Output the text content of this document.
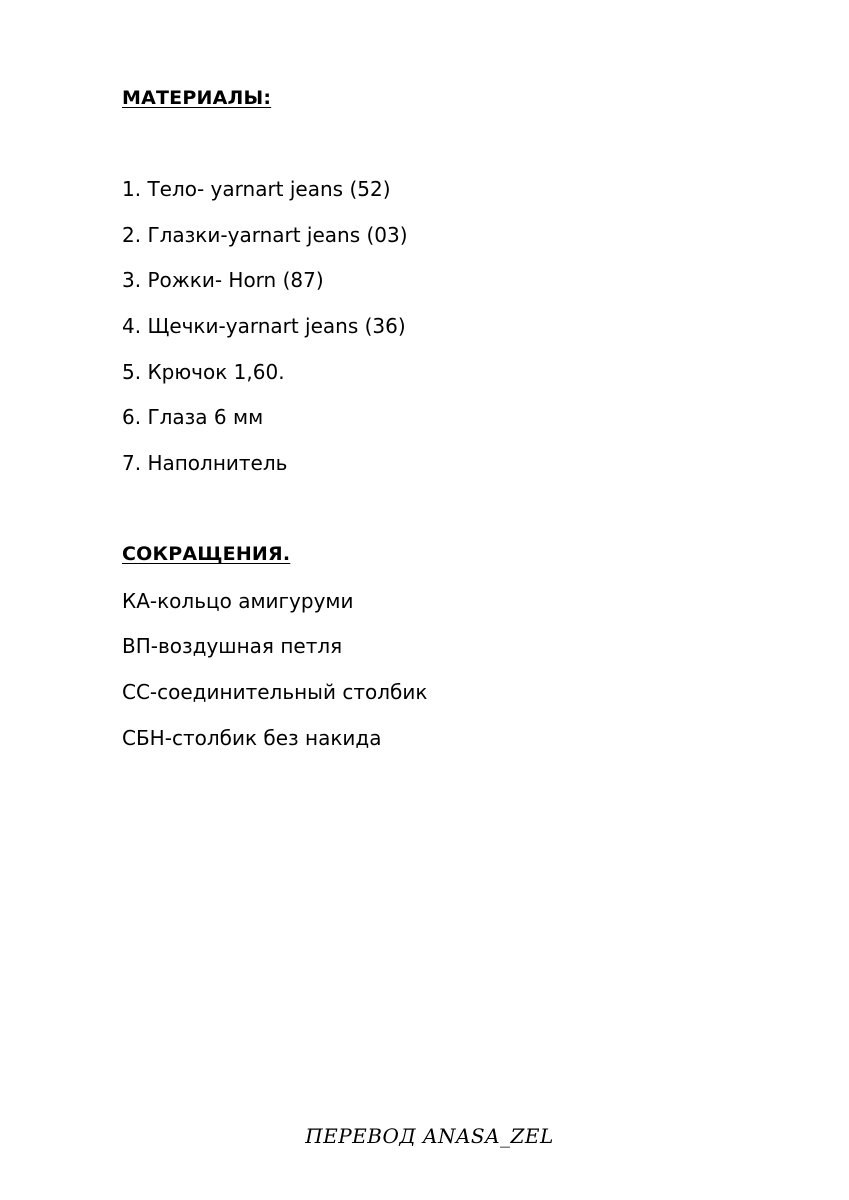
МАТЕРИАЛЫ:
1. Тело- yarnart jeans (52)
2. Глазки-yarnart jeans (03)
3. Рожки- Horn (87)
4. Щечки-yarnart jeans (36)
5. Крючок 1,60.
6. Глаза 6 мм
7. Наполнитель
СОКРАЩЕНИЯ.
КА-кольцо амигуруми
ВП-воздушная петля
СС-соединительный столбик
СБН-столбик без накида
ПЕРЕВОД ANASA_ZEL
